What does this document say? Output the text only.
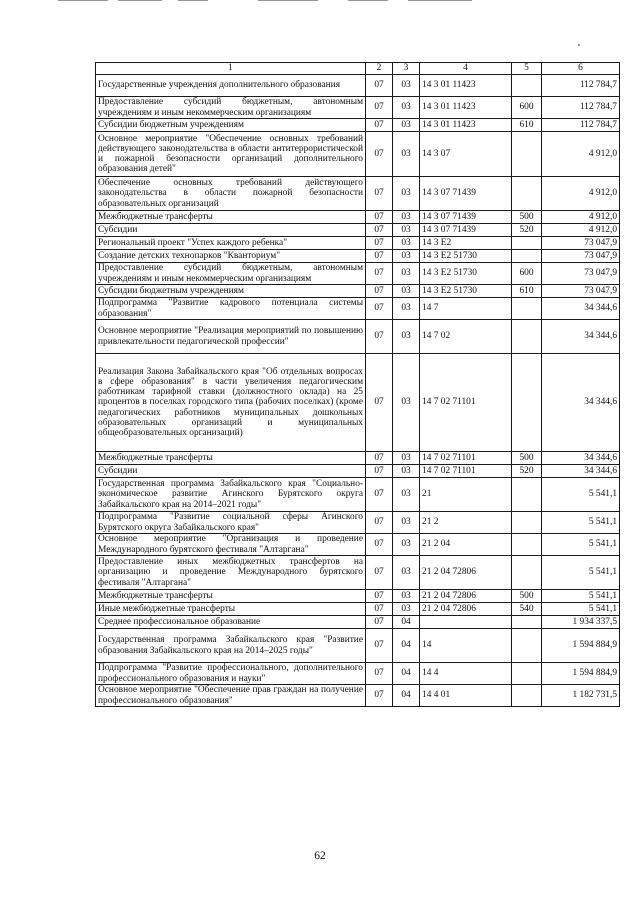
1	2	3	4	5	6
Государственные учреждения дополнительного образования	07	03	14 3 01 11423		112 784,7
Предоставление субсидий бюджетным, автономным учреждениям и иным некоммерческим организациям	07	03	14 3 01 11423	600	112 784,7
Субсидии бюджетным учреждениям	07	03	14 3 01 11423	610	112 784,7
Основное мероприятие "Обеспечение основных требований действующего законодательства в области антитеррористической и пожарной безопасности организаций дополнительного образования детей"	07	03	14 3 07		4 912,0
Обеспечение основных требований действующего законодательства в области пожарной безопасности образовательных организаций	07	03	14 3 07 71439		4 912,0
Межбюджетные трансферты	07	03	14 3 07 71439	500	4 912,0
Субсидии	07	03	14 3 07 71439	520	4 912,0
Региональный проект "Успех каждого ребенка"	07	03	14 3 Е2		73 047,9
Создание детских технопарков "Кванториум"	07	03	14 3 Е2 51730		73 047,9
Предоставление субсидий бюджетным, автономным учреждениям и иным некоммерческим организациям	07	03	14 3 Е2 51730	600	73 047,9
Субсидии бюджетным учреждениям	07	03	14 3 Е2 51730	610	73 047,9
Подпрограмма "Развитие кадрового потенциала системы образования"	07	03	14 7		34 344,6
Основное мероприятие "Реализация мероприятий по повышению привлекательности педагогической профессии"	07	03	14 7 02		34 344,6
Реализация Закона Забайкальского края "Об отдельных вопросах в сфере образования" в части увеличения педагогическим работникам тарифной ставки (должностного оклада) на 25 процентов в поселках городского типа (рабочих поселках) (кроме педагогических работников муниципальных дошкольных образовательных организаций и муниципальных общеобразовательных организаций)	07	03	14 7 02 71101		34 344,6
Межбюджетные трансферты	07	03	14 7 02 71101	500	34 344,6
Субсидии	07	03	14 7 02 71101	520	34 344,6
Государственная программа Забайкальского края "Социально-экономическое развитие Агинского Бурятского округа Забайкальского края на 2014–2021 годы"	07	03	21		5 541,1
Подпрограмма "Развитие социальной сферы Агинского Бурятского округа Забайкальского края"	07	03	21 2		5 541,1
Основное мероприятие "Организация и проведение Международного бурятского фестиваля "Алтаргана"	07	03	21 2 04		5 541,1
Предоставление иных межбюджетных трансфертов на организацию и проведение Международного бурятского фестиваля "Алтаргана"	07	03	21 2 04 72806		5 541,1
Межбюджетные трансферты	07	03	21 2 04 72806	500	5 541,1
Иные межбюджетные трансферты	07	03	21 2 04 72806	540	5 541,1
Среднее профессиональное образование	07	04			1 934 337,5
Государственная программа Забайкальского края "Развитие образования Забайкальского края на 2014–2025 годы"	07	04	14		1 594 884,9
Подпрограмма "Развитие профессионального, дополнительного профессионального образования и науки"	07	04	14 4		1 594 884,9
Основное мероприятие "Обеспечение прав граждан на получение профессионального образования"	07	04	14 4 01		1 182 731,5
62
